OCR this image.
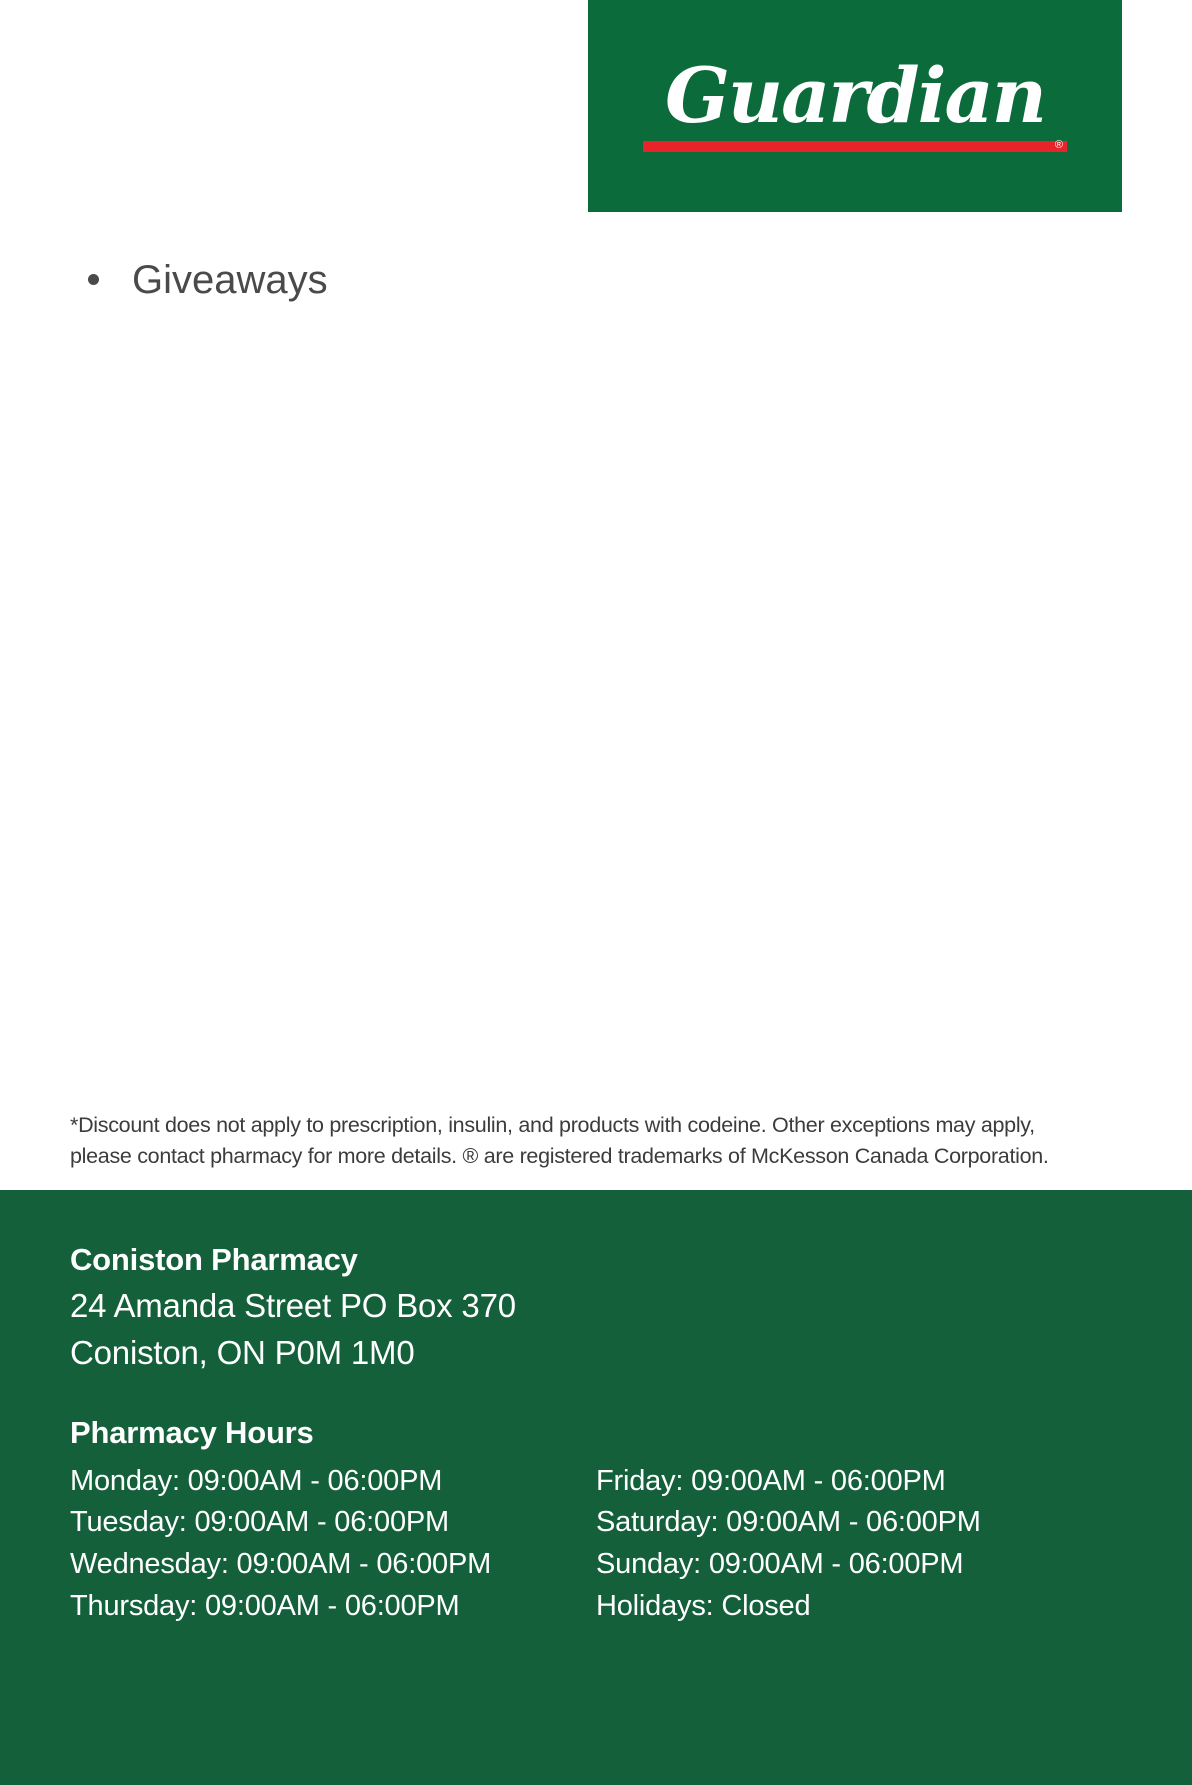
Guardian
®
Giveaways
*Discount does not apply to prescription, insulin, and products with codeine. Other exceptions may apply,
please contact pharmacy for more details. ® are registered trademarks of McKesson Canada Corporation.
Coniston Pharmacy
24 Amanda Street PO Box 370
Coniston, ON P0M 1M0
Pharmacy Hours
Monday: 09:00AM - 06:00PM
Tuesday: 09:00AM - 06:00PM
Wednesday: 09:00AM - 06:00PM
Thursday: 09:00AM - 06:00PM
Friday: 09:00AM - 06:00PM
Saturday: 09:00AM - 06:00PM
Sunday: 09:00AM - 06:00PM
Holidays: Closed
